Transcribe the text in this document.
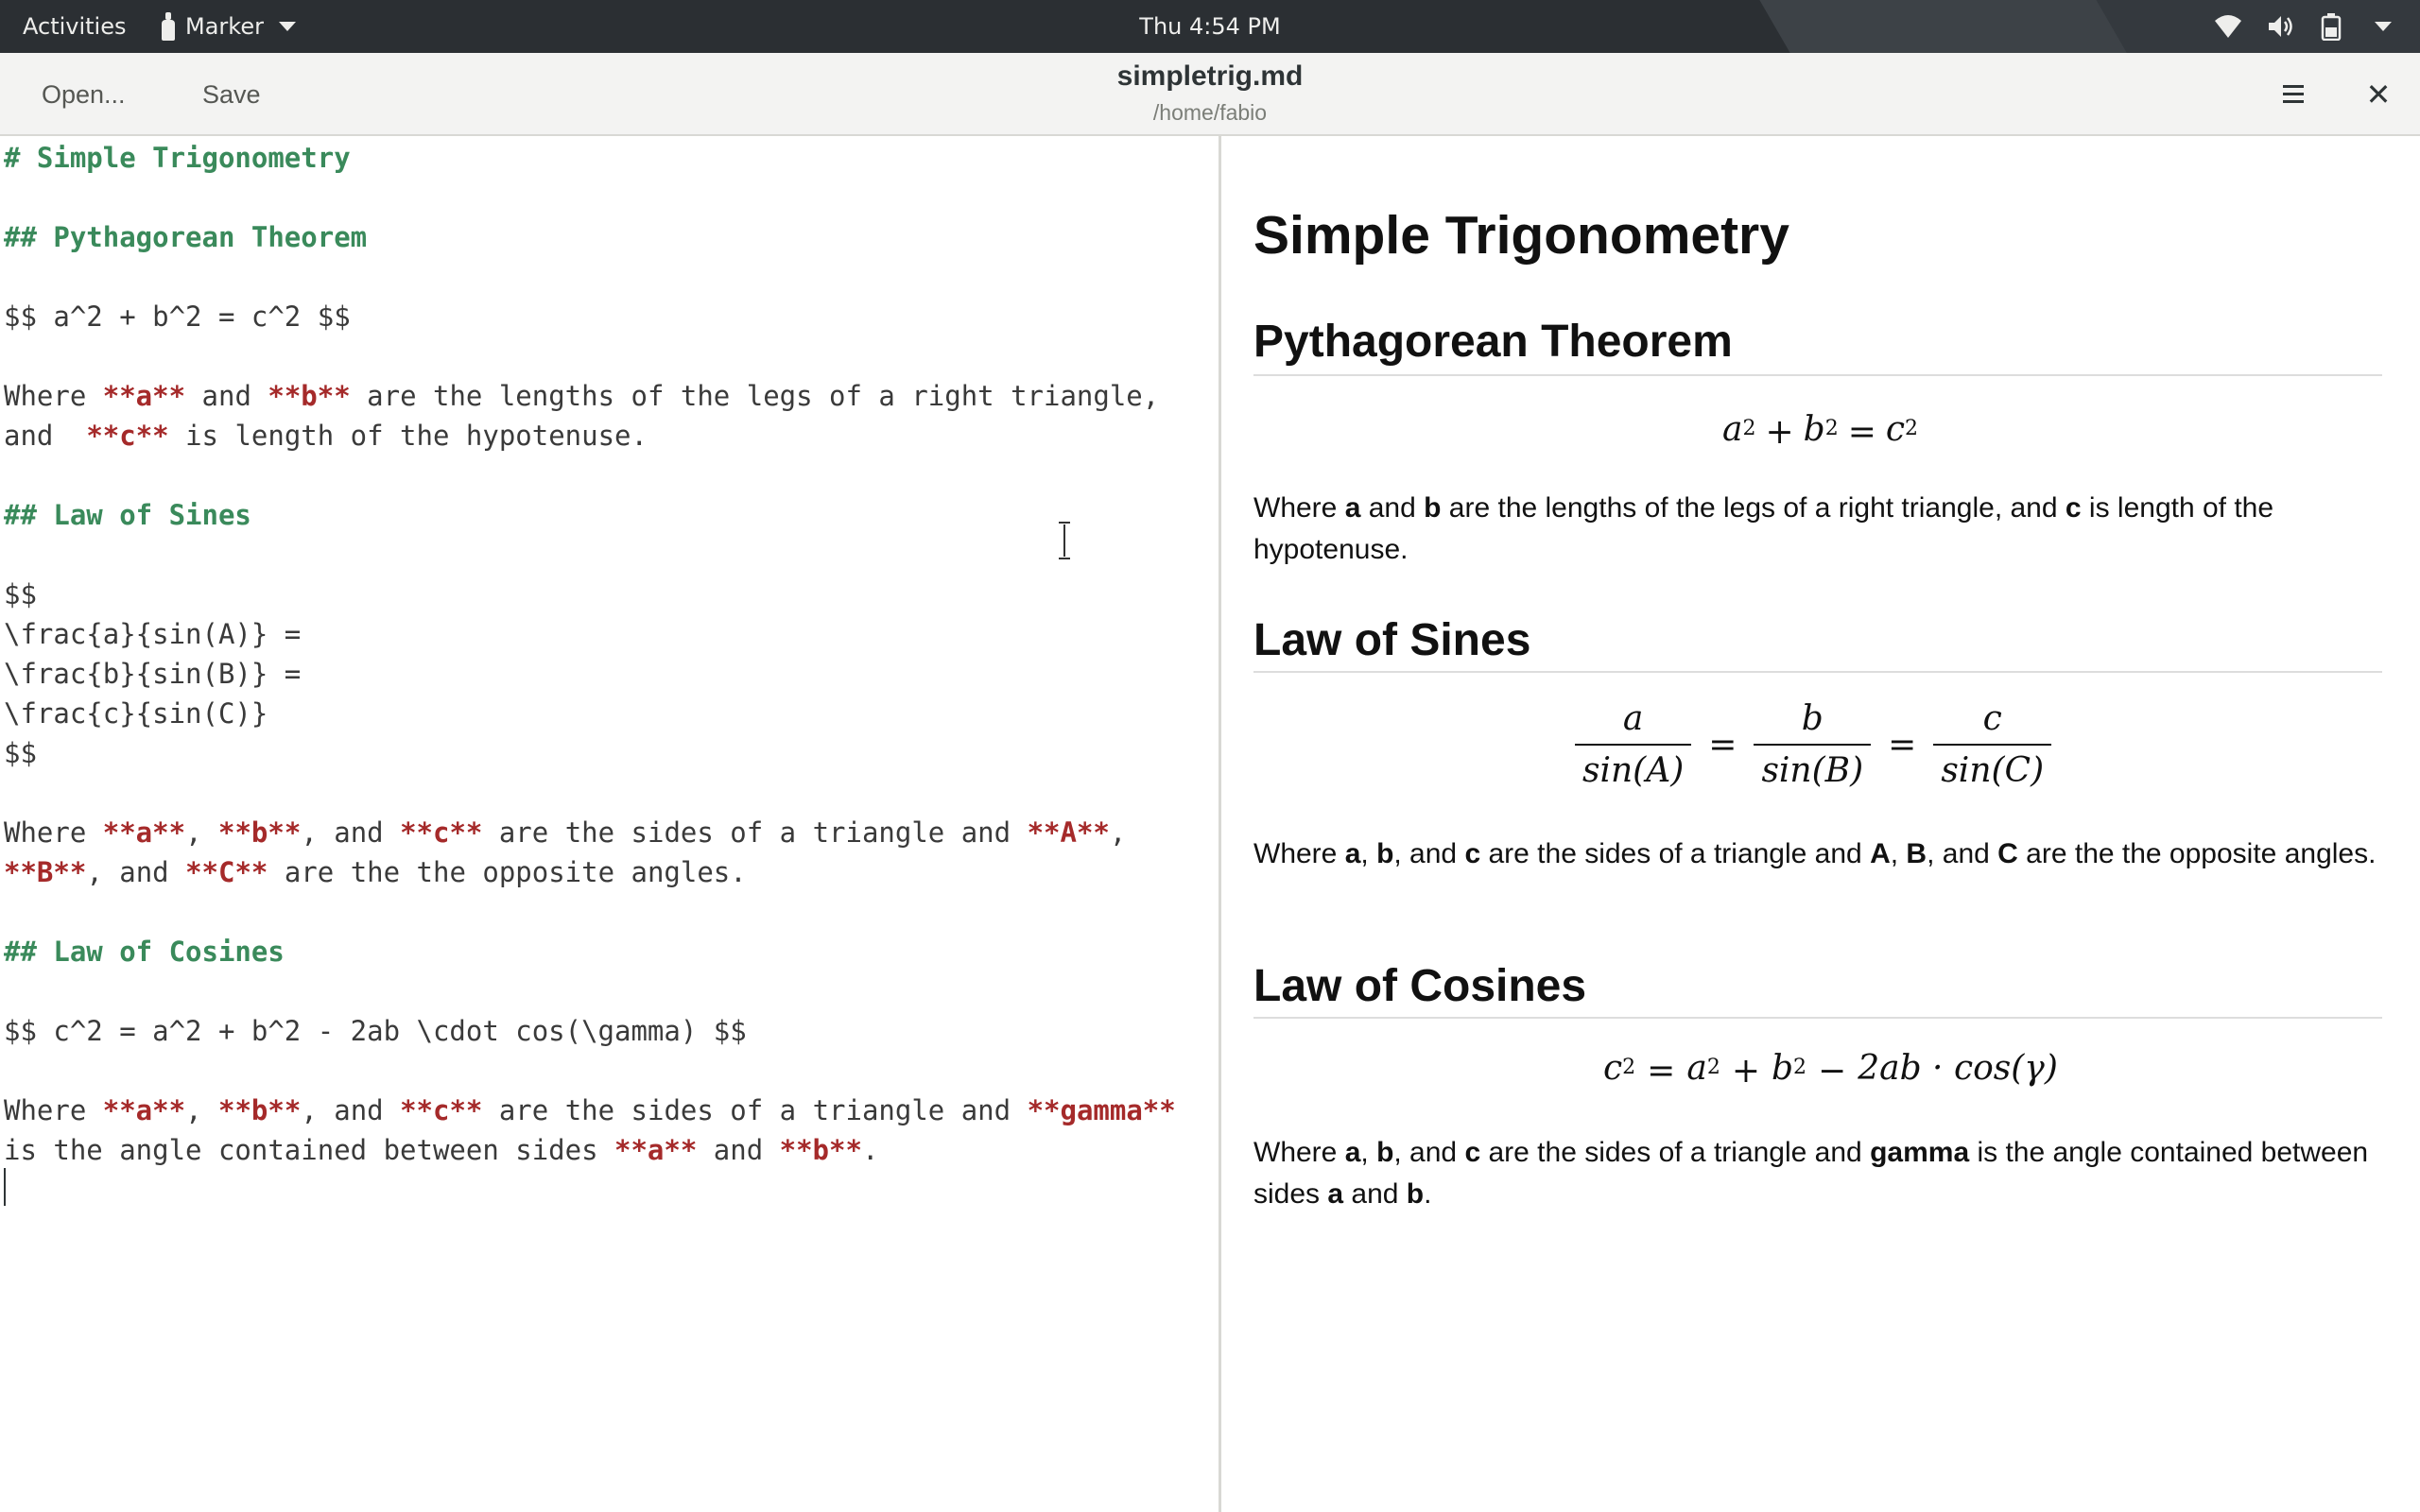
Activities	Marker	Thu 4:54 PM
Open...	Save
simpletrig.md
/home/fabio
✕
# Simple Trigonometry
## Pythagorean Theorem
$$ a^2 + b^2 = c^2 $$
Where **a** and **b** are the lengths of the legs of a right triangle,
and  **c** is length of the hypotenuse.
## Law of Sines
$$
\frac{a}{sin(A)} =
\frac{b}{sin(B)} =
\frac{c}{sin(C)}
$$
Where **a**, **b**, and **c** are the sides of a triangle and **A**,
**B**, and **C** are the the opposite angles.
## Law of Cosines
$$ c^2 = a^2 + b^2 - 2ab \cdot cos(\gamma) $$
Where **a**, **b**, and **c** are the sides of a triangle and **gamma**
is the angle contained between sides **a** and **b**.
Simple Trigonometry
Pythagorean Theorem
$a^2 + b^2 = c^2$
Where a and b are the lengths of the legs of a right triangle, and c is length of the hypotenuse.
Law of Sines
$\frac{a}{\sin(A)} = \frac{b}{\sin(B)} = \frac{c}{\sin(C)}$
Where a, b, and c are the sides of a triangle and A, B, and C are the the opposite angles.
Law of Cosines
$c^2 = a^2 + b^2 - 2ab \cdot \cos(\gamma)$
Where a, b, and c are the sides of a triangle and gamma is the angle contained between sides a and b.
